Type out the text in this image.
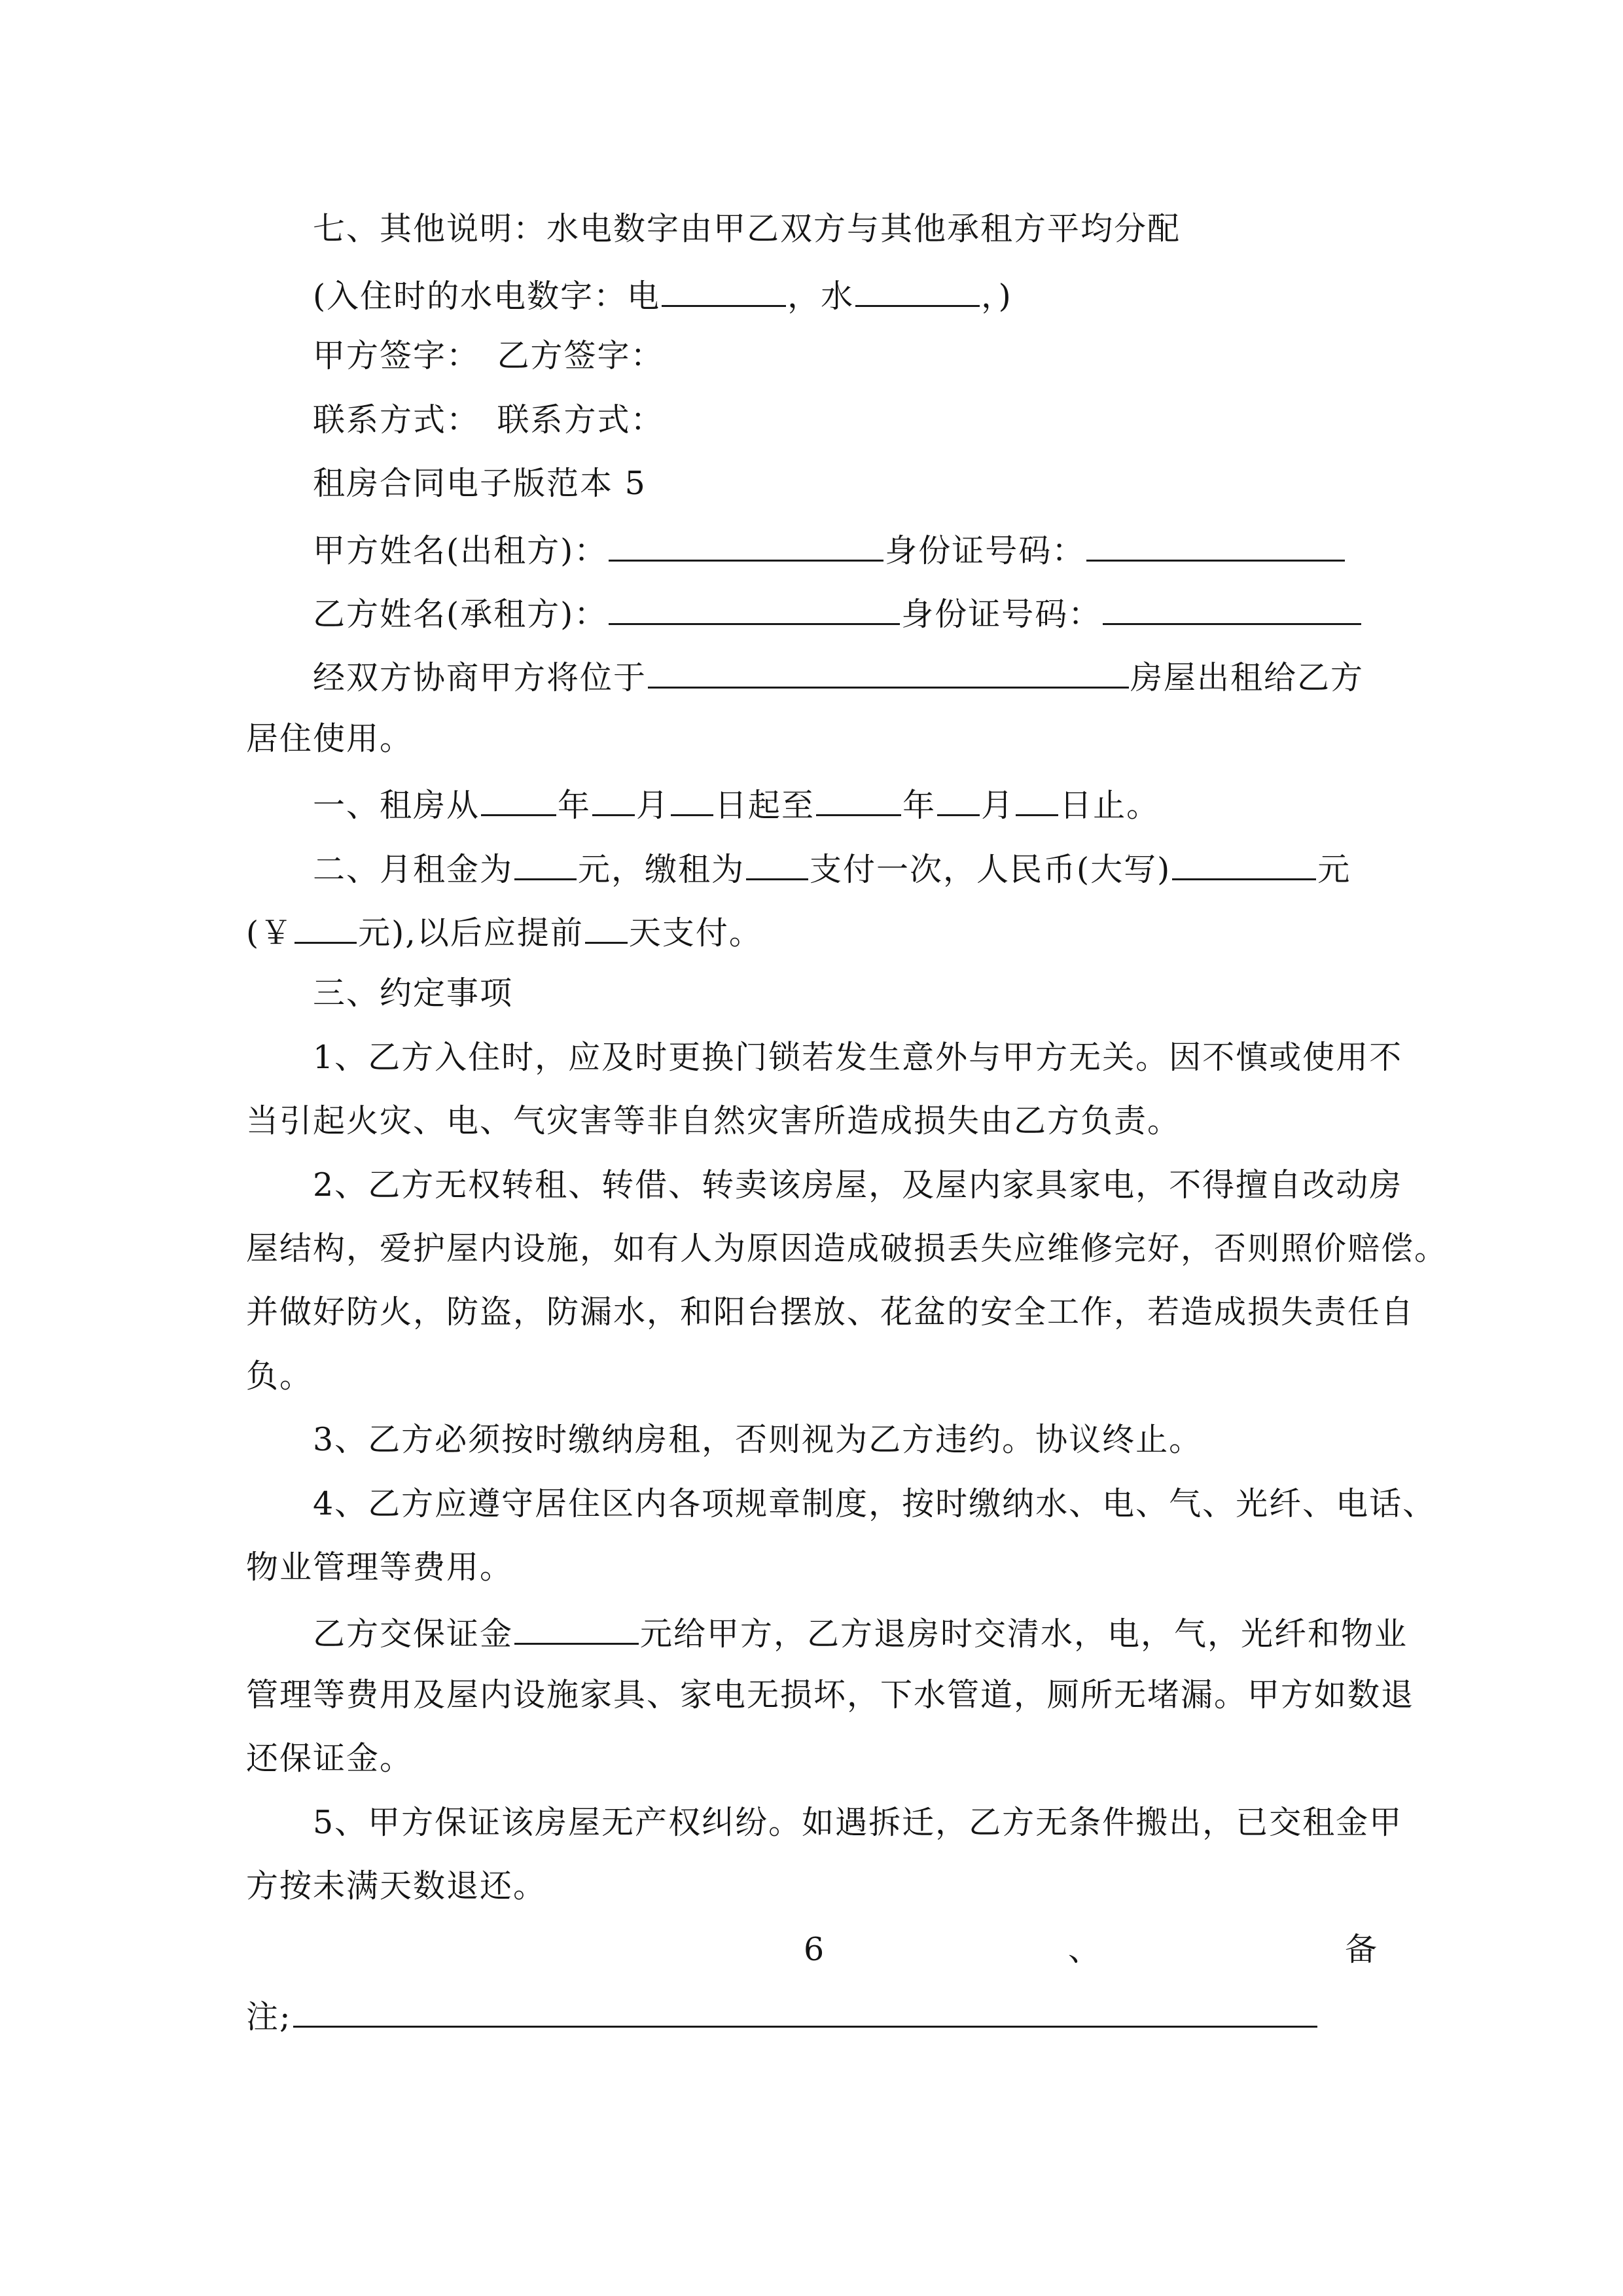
七、其他说明：水电数字由甲乙双方与其他承租方平均分配
(入住时的水电数字：电	，水	，)
甲方签字：　乙方签字：
联系方式：　联系方式：
租房合同电子版范本 5
甲方姓名(出租方)：	身份证号码：
乙方姓名(承租方)：	身份证号码：
经双方协商甲方将位于	房屋出租给乙方
居住使用。
一、租房从 年 月 日起至	年 月 日止。
二、月租金为 元，缴租为 支付一次，人民币(大写)	元
(￥ 元),以后应提前 天支付。
三、约定事项
1、乙方入住时，应及时更换门锁若发生意外与甲方无关。因不慎或使用不
当引起火灾、电、气灾害等非自然灾害所造成损失由乙方负责。
2、乙方无权转租、转借、转卖该房屋，及屋内家具家电，不得擅自改动房
屋结构，爱护屋内设施，如有人为原因造成破损丢失应维修完好，否则照价赔偿。
并做好防火，防盗，防漏水，和阳台摆放、花盆的安全工作，若造成损失责任自
负。
3、乙方必须按时缴纳房租，否则视为乙方违约。协议终止。
4、乙方应遵守居住区内各项规章制度，按时缴纳水、电、气、光纤、电话、
物业管理等费用。
乙方交保证金	元给甲方，乙方退房时交清水，电，气，光纤和物业
管理等费用及屋内设施家具、家电无损坏，下水管道，厕所无堵漏。甲方如数退
还保证金。
5、甲方保证该房屋无产权纠纷。如遇拆迁，乙方无条件搬出，已交租金甲
方按未满天数退还。
6	、	备
注;
